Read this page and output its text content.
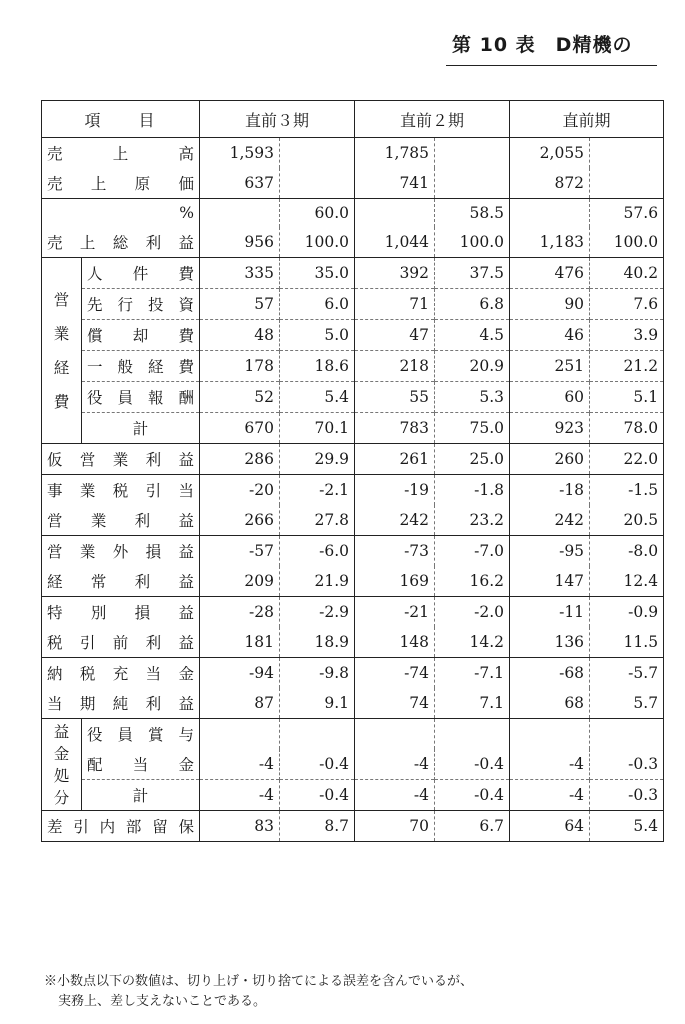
第 10 表　D精機の
項　　目		直前３期		直前２期		直前期	
売上高		1,593		1,785		2,055	
売上原価		637		741		872	
%			60.0		58.5		57.6
売上総利益		956	100.0	1,044	100.0	1,183	100.0
営
業
経
費	人件費	335	35.0	392	37.5	476	40.2
	先行投資	57	6.0	71	6.8	90	7.6
	償却費	48	5.0	47	4.5	46	3.9
	一般経費	178	18.6	218	20.9	251	21.2
	役員報酬	52	5.4	55	5.3	60	5.1
	計	670	70.1	783	75.0	923	78.0
仮営業利益		286	29.9	261	25.0	260	22.0
事業税引当		-20	-2.1	-19	-1.8	-18	-1.5
営業利益		266	27.8	242	23.2	242	20.5
営業外損益		-57	-6.0	-73	-7.0	-95	-8.0
経常利益		209	21.9	169	16.2	147	12.4
特別損益		-28	-2.9	-21	-2.0	-11	-0.9
税引前利益		181	18.9	148	14.2	136	11.5
納税充当金		-94	-9.8	-74	-7.1	-68	-5.7
当期純利益		87	9.1	74	7.1	68	5.7
益
金
処
分	役員賞与						
	配当金	-4	-0.4	-4	-0.4	-4	-0.3
	計	-4	-0.4	-4	-0.4	-4	-0.3
差引内部留保		83	8.7	70	6.7	64	5.4
※小数点以下の数値は、切り上げ・切り捨てによる誤差を含んでいるが、
実務上、差し支えないことである。
